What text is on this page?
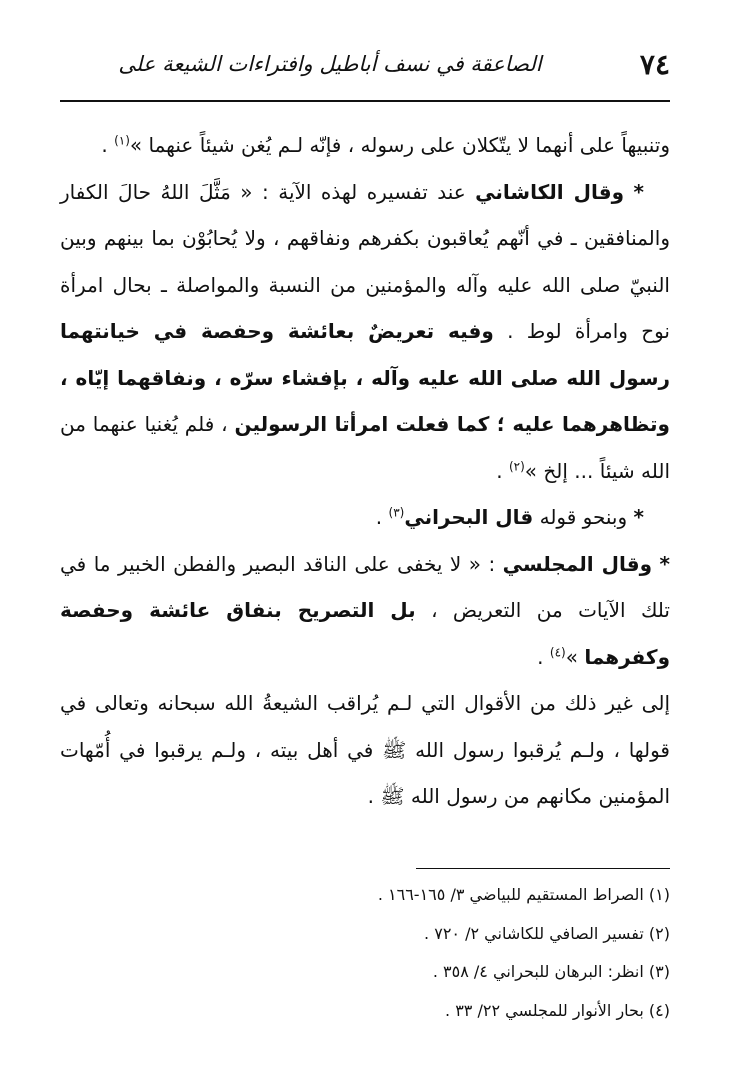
٧٤
الصاعقة في نسف أباطيل وافتراءات الشيعة على

وتنبيهاً على أنهما لا يتّكلان على رسوله ، فإنّه لـم يُغن شيئاً عنهما »$^{(١)}$ .

* وقال الكاشاني عند تفسيره لهذه الآية : « مَثَّلَ اللهُ حالَ الكفار والمنافقين ـ في أنّهم يُعاقبون بكفرهم ونفاقهم ، ولا يُحابُوْن بما بينهم وبين النبيّ صلى الله عليه وآله والمؤمنين من النسبة والمواصلة ـ بحال امرأة نوح وامرأة لوط . وفيه تعريضٌ بعائشة وحفصة في خيانتهما رسول الله صلى الله عليه وآله ، بإفشاء سرّه ، ونفاقهما إيّاه ، وتظاهرهما عليه ؛ كما فعلت امرأتا الرسولين ، فلم يُغنيا عنهما من الله شيئاً ... إلخ »$^{(٢)}$ .

* وبنحو قوله قال البحراني$^{(٣)}$ .

* وقال المجلسي : « لا يخفى على الناقد البصير والفطن الخبير ما في تلك الآيات من التعريض ، بل التصريح بنفاق عائشة وحفصة وكفرهما »$^{(٤)}$ .

إلى غير ذلك من الأقوال التي لـم يُراقب الشيعةُ الله سبحانه وتعالى في قولها ، ولـم يُرقبوا رسول الله ﷺ في أهل بيته ، ولـم يرقبوا في أُمّهات المؤمنين مكانهم من رسول الله ﷺ .

(١) الصراط المستقيم للبياضي ٣/ ١٦٥-١٦٦ .

(٢) تفسير الصافي للكاشاني ٢/ ٧٢٠ .

(٣) انظر: البرهان للبحراني ٤/ ٣٥٨ .

(٤) بحار الأنوار للمجلسي ٢٢/ ٣٣ .
